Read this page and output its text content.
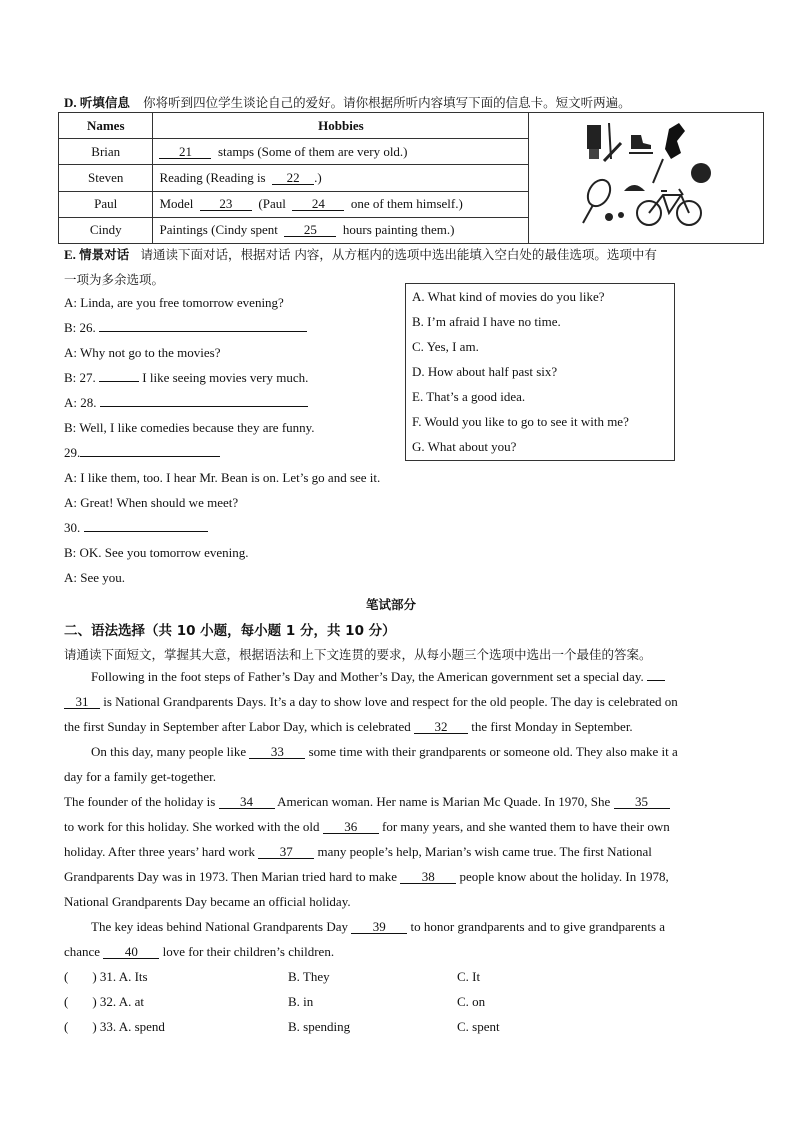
D. 听填信息 你将听到四位学生谈论自己的爱好。请你根据所听内容填写下面的信息卡。短文听两遍。
Names	Hobbies	
Brian	21 stamps (Some of them are very old.)	
Steven	Reading (Reading is 22 .)	
Paul	Model 23 (Paul 24 one of them himself.)	
Cindy	Paintings (Cindy spent 25 hours painting them.)	
E. 情景对话 请通读下面对话，根据对话 内容，从方框内的选项中选出能填入空白处的最佳选项。选项中有
一项为多余选项。
A: Linda, are you free tomorrow evening?
B: 26.
A: Why not go to the movies?
B: 27.	I like seeing movies very much.
A: 28.
B: Well, I like comedies because they are funny.
29.
A: I like them, too. I hear Mr. Bean is on. Let’s go and see it.
A: Great! When should we meet?
30.
B: OK. See you tomorrow evening.
A: See you.
A. What kind of movies do you like?
B. I’m afraid I have no time.
C. Yes, I am.
D. How about half past six?
E. That’s a good idea.
F. Would you like to go to see it with me?
G. What about you?
笔试部分
二、语法选择（共 10 小题，每小题 1 分，共 10 分）
请通读下面短文，掌握其大意，根据语法和上下文连贯的要求，从每小题三个选项中选出一个最佳的答案。
Following in the foot steps of Father’s Day and Mother’s Day, the American government set a special day.
31 is National Grandparents Days. It’s a day to show love and respect for the old people. The day is celebrated on
the first Sunday in September after Labor Day, which is celebrated 32 the first Monday in September.
On this day, many people like 33 some time with their grandparents or someone old. They also make it a
day for a family get-together.
The founder of the holiday is 34 American woman. Her name is Marian Mc Quade. In 1970, She 35
to work for this holiday. She worked with the old 36 for many years, and she wanted them to have their own
holiday. After three years’ hard work 37 many people’s help, Marian’s wish came true. The first National
Grandparents Day was in 1973. Then Marian tried hard to make 38 people know about the holiday. In 1978,
National Grandparents Day became an official holiday.
The key ideas behind National Grandparents Day 39 to honor grandparents and to give grandparents a
chance 40 love for their children’s children.
( ) 31. A. Its	B. They	C. It
( ) 32. A. at	B. in	C. on
( ) 33. A. spend	B. spending	C. spent
